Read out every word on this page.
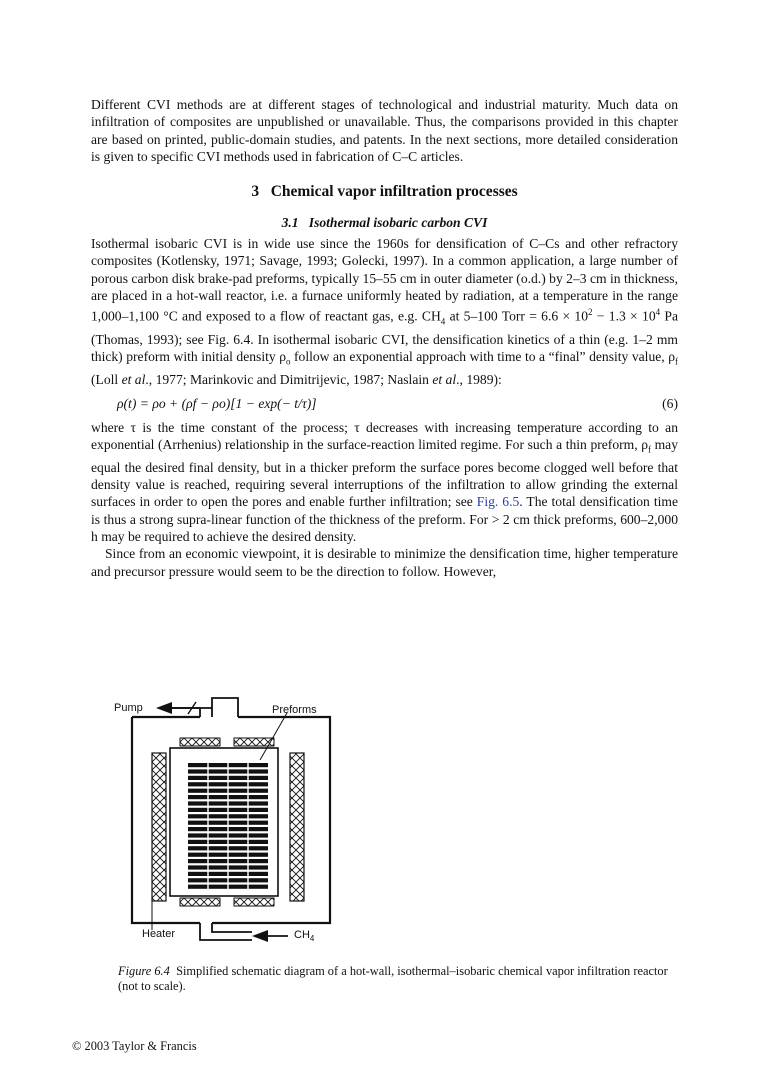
Different CVI methods are at different stages of technological and industrial maturity. Much data on infiltration of composites are unpublished or unavailable. Thus, the comparisons provided in this chapter are based on printed, public-domain studies, and patents. In the next sections, more detailed consideration is given to specific CVI methods used in fabrication of C–C articles.

3 Chemical vapor infiltration processes
3.1 Isothermal isobaric carbon CVI

Isothermal isobaric CVI is in wide use since the 1960s for densification of C–Cs and other refractory composites (Kotlensky, 1971; Savage, 1993; Golecki, 1997). In a common application, a large number of porous carbon disk brake-pad preforms, typically 15–55 cm in outer diameter (o.d.) by 2–3 cm in thickness, are placed in a hot-wall reactor, i.e. a furnace uniformly heated by radiation, at a temperature in the range 1,000–1,100 °C and exposed to a flow of reactant gas, e.g. $CH_4$ at 5–100 Torr = $6.6 \times 10^2 - 1.3 \times 10^4$ Pa (Thomas, 1993); see Fig. 6.4. In isothermal isobaric CVI, the densification kinetics of a thin (e.g. 1–2 mm thick) preform with initial density $\rho_o$ follow an exponential approach with time to a “final” density value, $\rho_f$ (Loll et al., 1977; Marinkovic and Dimitrijevic, 1987; Naslain et al., 1989):

ρ(t) = ρo + (ρf − ρo)[1 − exp(− t/τ)]	(6)

where τ is the time constant of the process; τ decreases with increasing temperature according to an exponential (Arrhenius) relationship in the surface-reaction limited regime. For such a thin preform, $\rho_f$ may equal the desired final density, but in a thicker preform the surface pores become clogged well before that density value is reached, requiring several interruptions of the infiltration to allow grinding the external surfaces in order to open the pores and enable further infiltration; see Fig. 6.5. The total densification time is thus a strong supra-linear function of the thickness of the preform. For > 2 cm thick preforms, 600–2,000 h may be required to achieve the desired density.

Since from an economic viewpoint, it is desirable to minimize the densification time, higher temperature and precursor pressure would seem to be the direction to follow. However,

Pump	Preforms
Heater	$CH_4$
Figure 6.4 Simplified schematic diagram of a hot-wall, isothermal–isobaric chemical vapor infiltration reactor (not to scale).
© 2003 Taylor & Francis
